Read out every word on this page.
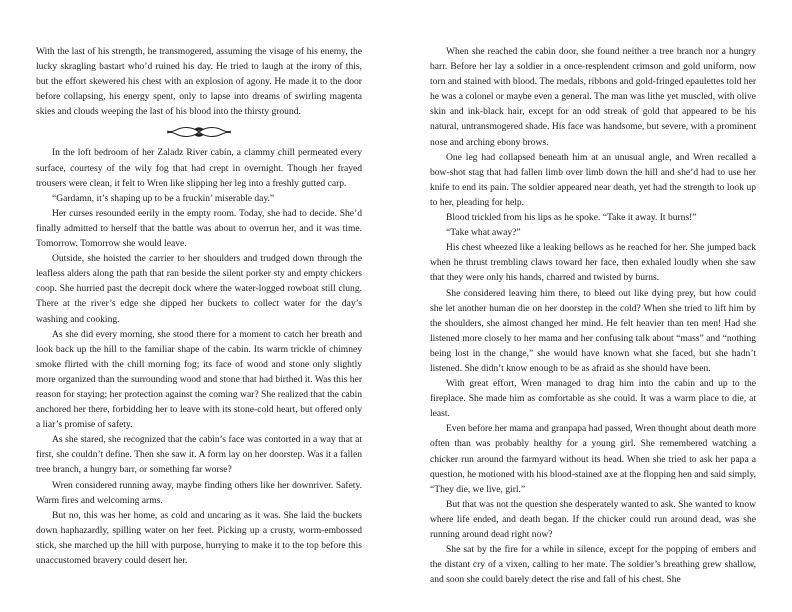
With the last of his strength, he transmogered, assuming the visage of his enemy, the lucky skragling bastart who’d ruined his day. He tried to laugh at the irony of this, but the effort skewered his chest with an explosion of agony. He made it to the door before collapsing, his energy spent, only to lapse into dreams of swirling magenta skies and clouds weeping the last of his blood into the thirsty ground.

In the loft bedroom of her Zaladz River cabin, a clammy chill permeated every surface, courtesy of the wily fog that had crept in overnight. Though her frayed trousers were clean, it felt to Wren like slipping her leg into a freshly gutted carp.

“Gardamn, it’s shaping up to be a fruckin’ miserable day.”

Her curses resounded eerily in the empty room. Today, she had to decide. She’d finally admitted to herself that the battle was about to overrun her, and it was time. Tomorrow. Tomorrow she would leave.

Outside, she hoisted the carrier to her shoulders and trudged down through the leafless alders along the path that ran beside the silent porker sty and empty chickers coop. She hurried past the decrepit dock where the water-logged rowboat still clung. There at the river’s edge she dipped her buckets to collect water for the day’s washing and cooking.

As she did every morning, she stood there for a moment to catch her breath and look back up the hill to the familiar shape of the cabin. Its warm trickle of chimney smoke flirted with the chill morning fog; its face of wood and stone only slightly more organized than the surrounding wood and stone that had birthed it. Was this her reason for staying; her protection against the coming war? She realized that the cabin anchored her there, forbidding her to leave with its stone-cold heart, but offered only a liar’s promise of safety.

As she stared, she recognized that the cabin’s face was contorted in a way that at first, she couldn’t define. Then she saw it. A form lay on her doorstep. Was it a fallen tree branch, a hungry barr, or something far worse?

Wren considered running away, maybe finding others like her downriver. Safety. Warm fires and welcoming arms.

But no, this was her home, as cold and uncaring as it was. She laid the buckets down haphazardly, spilling water on her feet. Picking up a crusty, worm-embossed stick, she marched up the hill with purpose, hurrying to make it to the top before this unaccustomed bravery could desert her.

When she reached the cabin door, she found neither a tree branch nor a hungry barr. Before her lay a soldier in a once-resplendent crimson and gold uniform, now torn and stained with blood. The medals, ribbons and gold-fringed epaulettes told her he was a colonel or maybe even a general. The man was lithe yet muscled, with olive skin and ink-black hair, except for an odd streak of gold that appeared to be his natural, untransmogered shade. His face was handsome, but severe, with a prominent nose and arching ebony brows.

One leg had collapsed beneath him at an unusual angle, and Wren recalled a bow-shot stag that had fallen limb over limb down the hill and she’d had to use her knife to end its pain. The soldier appeared near death, yet had the strength to look up to her, pleading for help.

Blood trickled from his lips as he spoke. “Take it away. It burns!”

“Take what away?”

His chest wheezed like a leaking bellows as he reached for her. She jumped back when he thrust trembling claws toward her face, then exhaled loudly when she saw that they were only his hands, charred and twisted by burns.

She considered leaving him there, to bleed out like dying prey, but how could she let another human die on her doorstep in the cold? When she tried to lift him by the shoulders, she almost changed her mind. He felt heavier than ten men! Had she listened more closely to her mama and her confusing talk about “mass” and “nothing being lost in the change,” she would have known what she faced, but she hadn’t listened. She didn’t know enough to be as afraid as she should have been.

With great effort, Wren managed to drag him into the cabin and up to the fireplace. She made him as comfortable as she could. It was a warm place to die, at least.

Even before her mama and granpapa had passed, Wren thought about death more often than was probably healthy for a young girl. She remembered watching a chicker run around the farmyard without its head. When she tried to ask her papa a question, he motioned with his blood-stained axe at the flopping hen and said simply, “They die, we live, girl.”

But that was not the question she desperately wanted to ask. She wanted to know where life ended, and death began. If the chicker could run around dead, was she running around dead right now?

She sat by the fire for a while in silence, except for the popping of embers and the distant cry of a vixen, calling to her mate. The soldier’s breathing grew shallow, and soon she could barely detect the rise and fall of his chest. She
